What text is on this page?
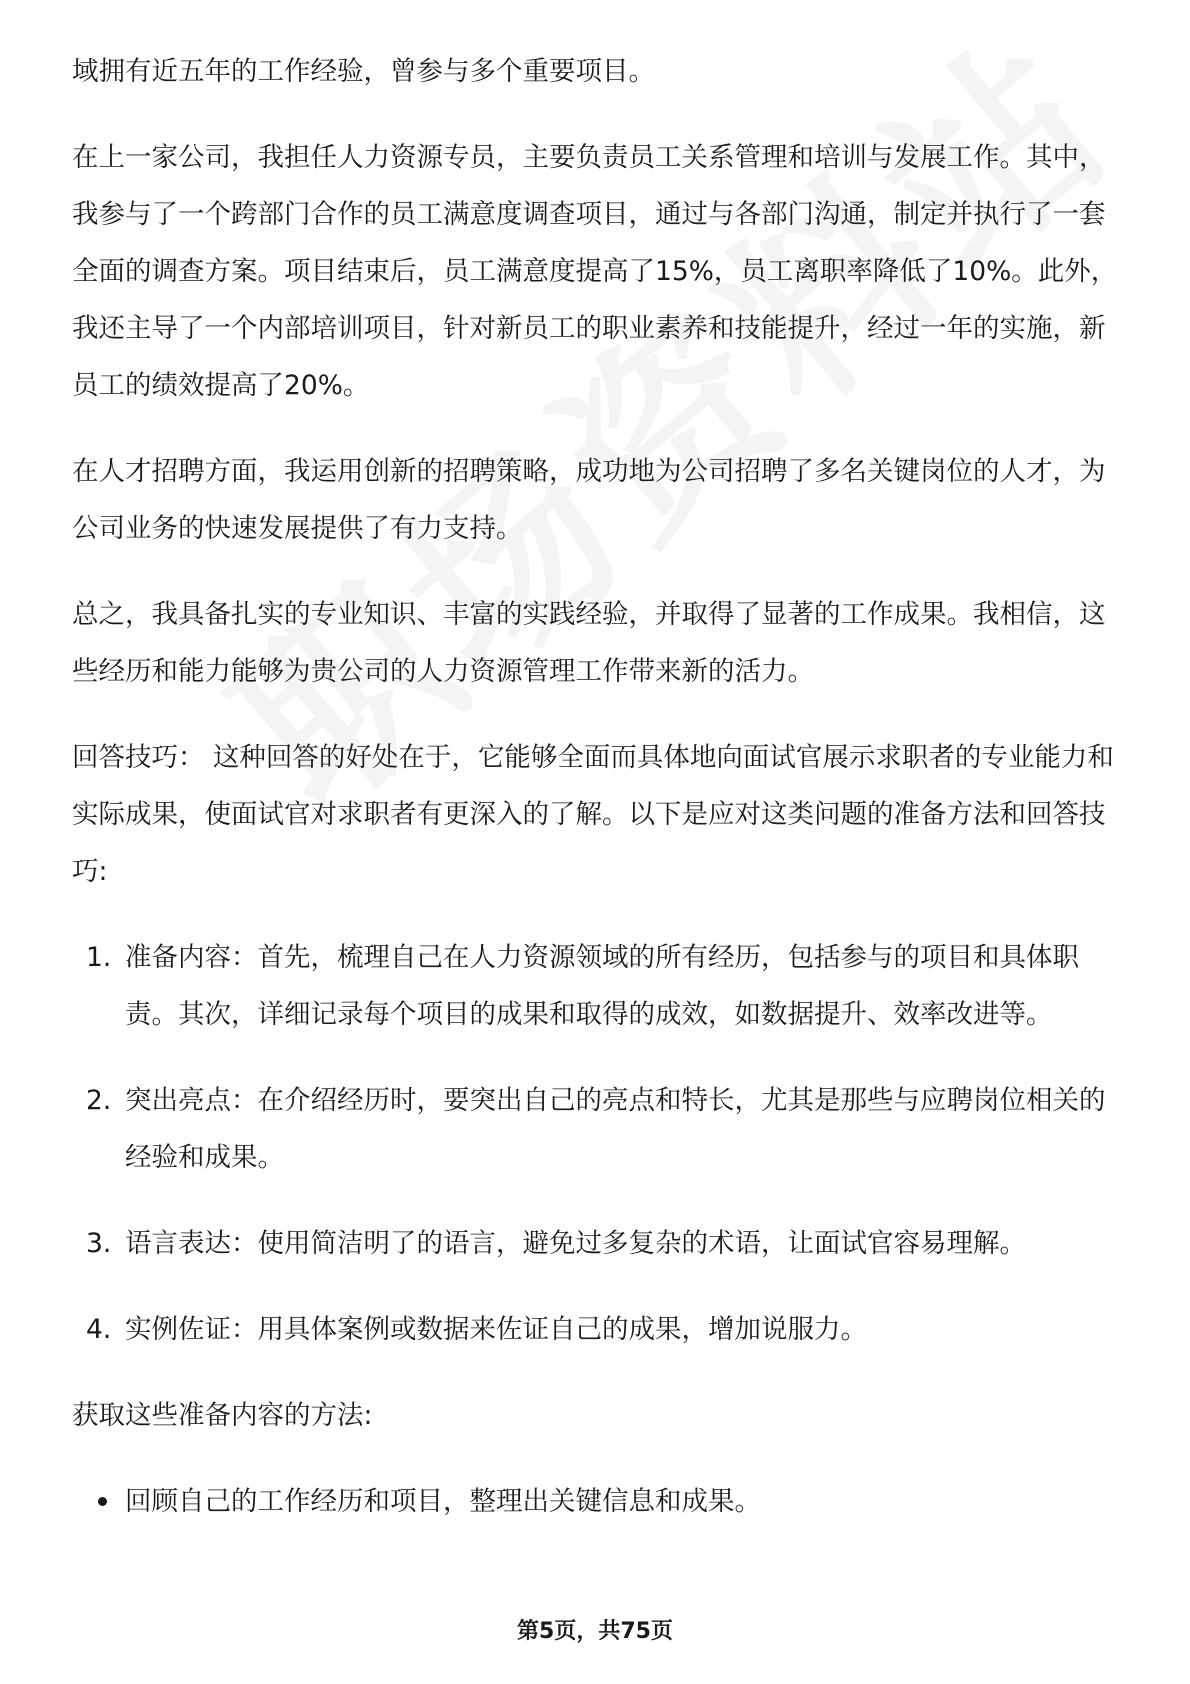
域拥有近五年的工作经验，曾参与多个重要项目。

在上一家公司，我担任人力资源专员，主要负责员工关系管理和培训与发展工作。其中，我参与了一个跨部门合作的员工满意度调查项目，通过与各部门沟通，制定并执行了一套全面的调查方案。项目结束后，员工满意度提高了15%，员工离职率降低了10%。此外，我还主导了一个内部培训项目，针对新员工的职业素养和技能提升，经过一年的实施，新员工的绩效提高了20%。

在人才招聘方面，我运用创新的招聘策略，成功地为公司招聘了多名关键岗位的人才，为公司业务的快速发展提供了有力支持。

总之，我具备扎实的专业知识、丰富的实践经验，并取得了显著的工作成果。我相信，这些经历和能力能够为贵公司的人力资源管理工作带来新的活力。

回答技巧： 这种回答的好处在于，它能够全面而具体地向面试官展示求职者的专业能力和实际成果，使面试官对求职者有更深入的了解。以下是应对这类问题的准备方法和回答技巧:

1. 准备内容：首先，梳理自己在人力资源领域的所有经历，包括参与的项目和具体职责。其次，详细记录每个项目的成果和取得的成效，如数据提升、效率改进等。
2. 突出亮点：在介绍经历时，要突出自己的亮点和特长，尤其是那些与应聘岗位相关的经验和成果。
3. 语言表达：使用简洁明了的语言，避免过多复杂的术语，让面试官容易理解。
4. 实例佐证：用具体案例或数据来佐证自己的成果，增加说服力。

获取这些准备内容的方法:

回顾自己的工作经历和项目，整理出关键信息和成果。
第5页，共75页
